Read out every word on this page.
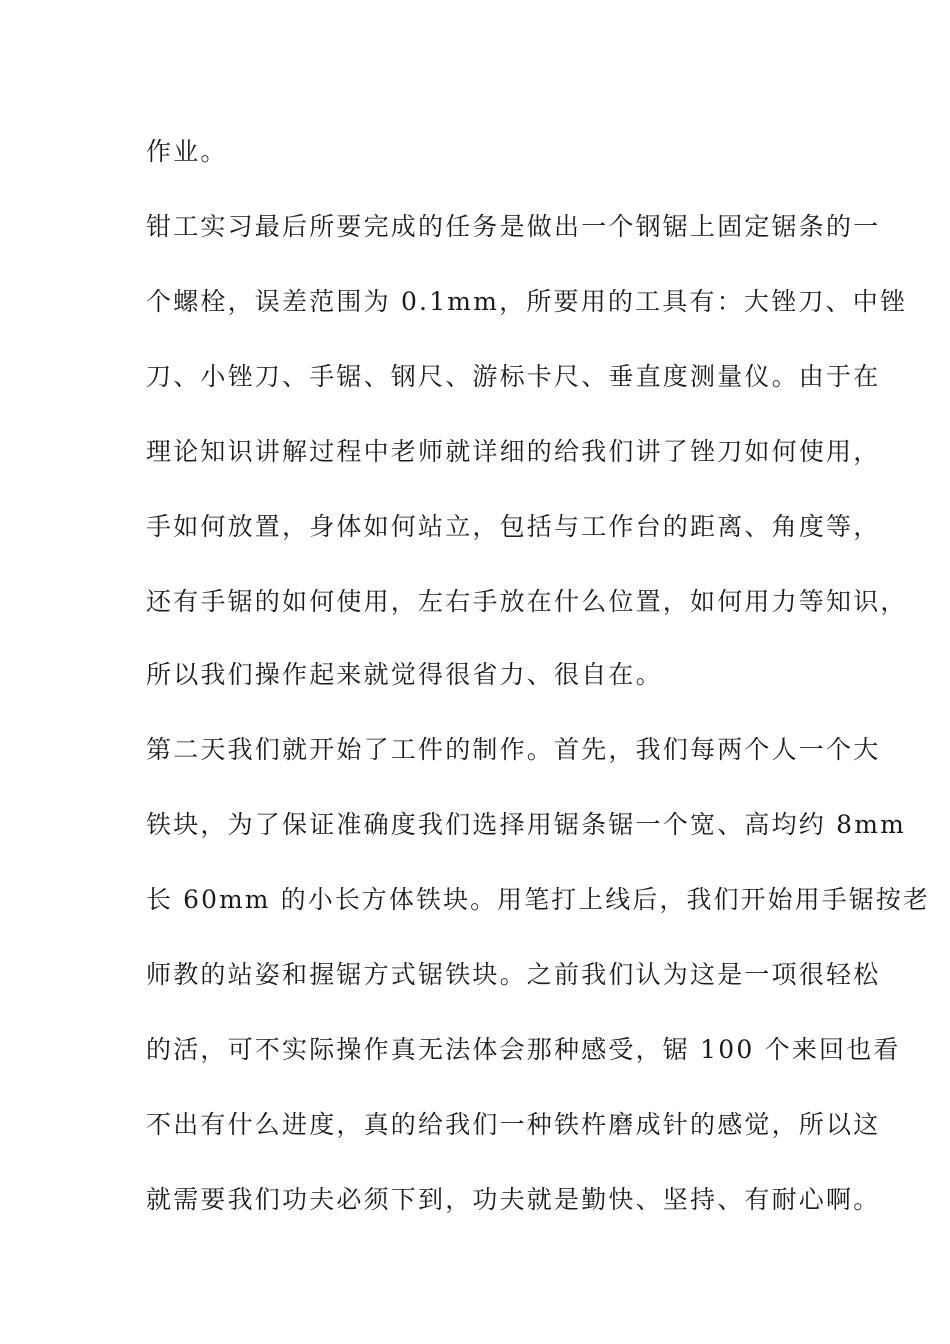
作业。
钳工实习最后所要完成的任务是做出一个钢锯上固定锯条的一
个螺栓，误差范围为 0.1mm，所要用的工具有：大锉刀、中锉
刀、小锉刀、手锯、钢尺、游标卡尺、垂直度测量仪。由于在
理论知识讲解过程中老师就详细的给我们讲了锉刀如何使用，
手如何放置，身体如何站立，包括与工作台的距离、角度等，
还有手锯的如何使用，左右手放在什么位置，如何用力等知识，
所以我们操作起来就觉得很省力、很自在。
第二天我们就开始了工件的制作。首先，我们每两个人一个大
铁块，为了保证准确度我们选择用锯条锯一个宽、高均约 8mm
长 60mm 的小长方体铁块。用笔打上线后，我们开始用手锯按老
师教的站姿和握锯方式锯铁块。之前我们认为这是一项很轻松
的活，可不实际操作真无法体会那种感受，锯 100 个来回也看
不出有什么进度，真的给我们一种铁杵磨成针的感觉，所以这
就需要我们功夫必须下到，功夫就是勤快、坚持、有耐心啊。
